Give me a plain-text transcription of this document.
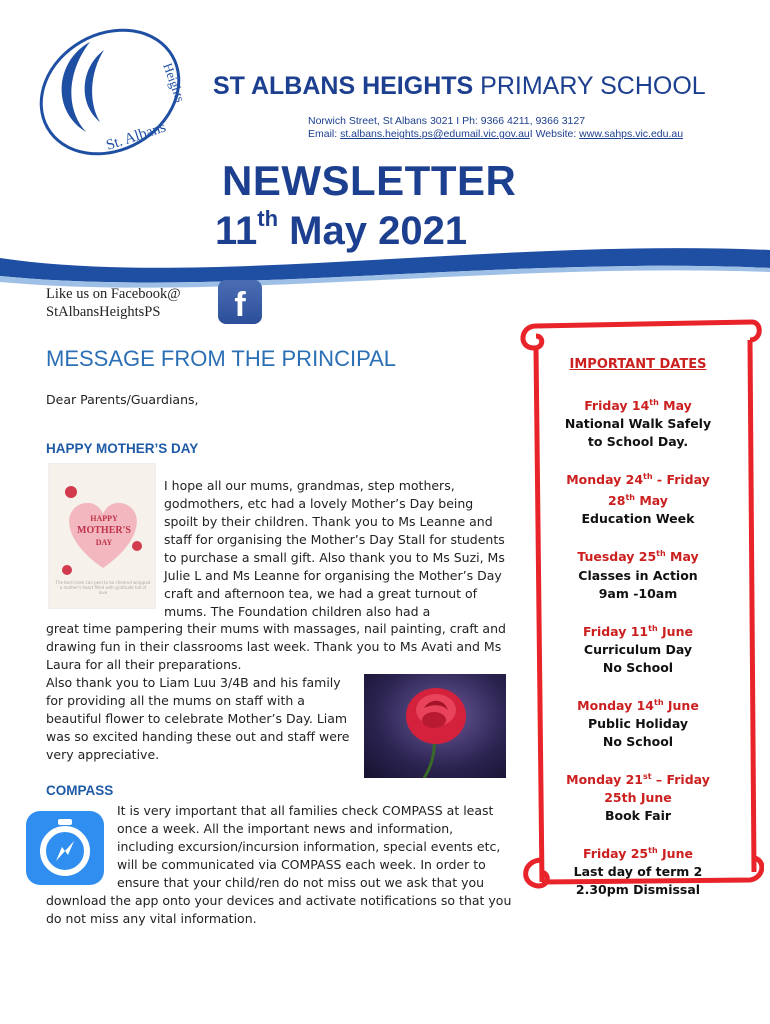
St. Albans
Heights ST ALBANS HEIGHTS PRIMARY SCHOOL
Norwich Street, St Albans 3021 I Ph: 9366 4211, 9366 3127
Email: st.albans.heights.ps@edumail.vic.gov.auI Website: www.sahps.vic.edu.au
NEWSLETTER
11th May 2021
Like us on Facebook@
StAlbansHeightsPS	f
MESSAGE FROM THE PRINCIPAL
Dear Parents/Guardians,
HAPPY MOTHER’S DAY
HAPPY
MOTHER'S
DAY
The best mom can peel to be cheered wrapped a mother's heart filled with gratitude full of love
I hope all our mums, grandmas, step mothers, godmothers, etc had a lovely Mother’s Day being spoilt by their children. Thank you to Ms Leanne and staff for organising the Mother’s Day Stall for students to purchase a small gift. Also thank you to Ms Suzi, Ms Julie L and Ms Leanne for organising the Mother’s Day craft and afternoon tea, we had a great turnout of mums. The Foundation children also had a
great time pampering their mums with massages, nail painting, craft and drawing fun in their classrooms last week. Thank you to Ms Avati and Ms Laura for all their preparations.
Also thank you to Liam Luu 3/4B and his family for providing all the mums on staff with a beautiful flower to celebrate Mother’s Day. Liam was so excited handing these out and staff were very appreciative.
COMPASS
It is very important that all families check COMPASS at least once a week. All the important news and information, including excursion/incursion information, special events etc, will be communicated via COMPASS each week. In order to ensure that your child/ren do not miss out we ask that you
download the app onto your devices and activate notifications so that you do not miss any vital information.
IMPORTANT DATES
Friday 14th May
National Walk Safely
to School Day.
Monday 24th - Friday 28th May
Education Week
Tuesday 25th May
Classes in Action
9am -10am
Friday 11th June
Curriculum Day
No School
Monday 14th June
Public Holiday
No School
Monday 21st – Friday 25th June
Book Fair
Friday 25th June
Last day of term 2
2.30pm Dismissal
